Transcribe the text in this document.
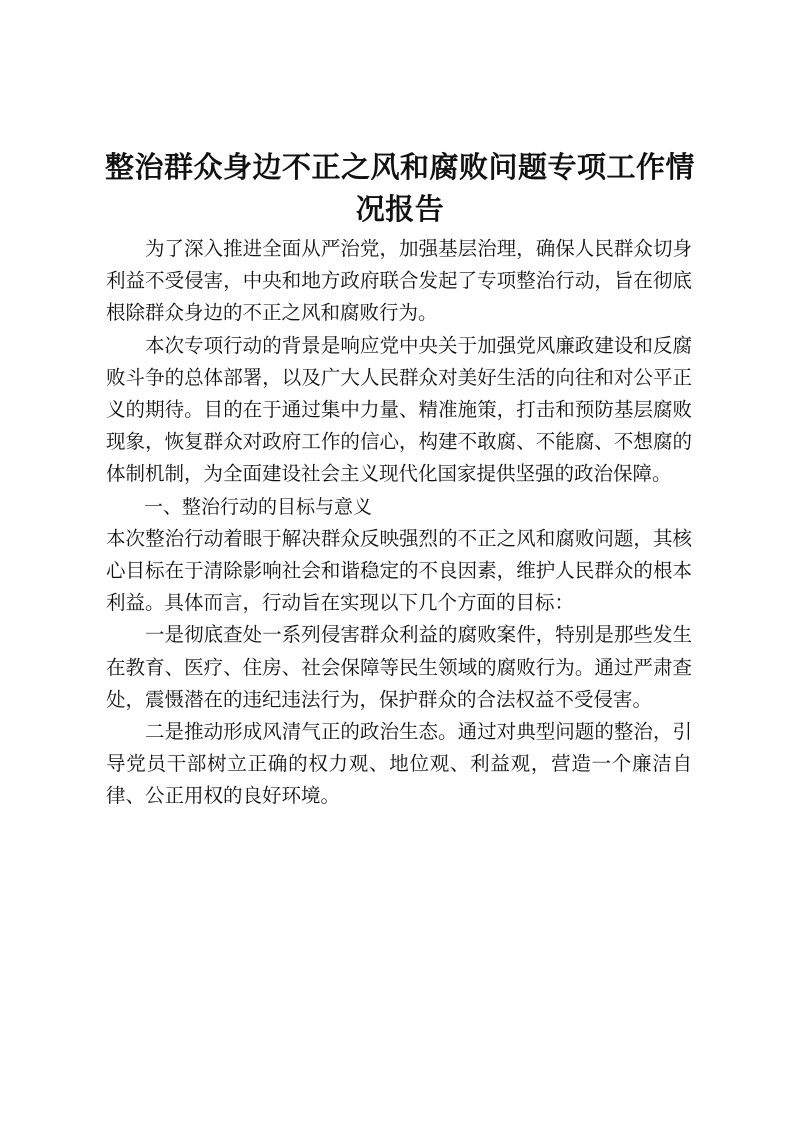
整治群众身边不正之风和腐败问题专项工作情况报告

为了深入推进全面从严治党，加强基层治理，确保人民群众切身利益不受侵害，中央和地方政府联合发起了专项整治行动，旨在彻底根除群众身边的不正之风和腐败行为。

本次专项行动的背景是响应党中央关于加强党风廉政建设和反腐败斗争的总体部署，以及广大人民群众对美好生活的向往和对公平正义的期待。目的在于通过集中力量、精准施策，打击和预防基层腐败现象，恢复群众对政府工作的信心，构建不敢腐、不能腐、不想腐的体制机制，为全面建设社会主义现代化国家提供坚强的政治保障。

一、整治行动的目标与意义

本次整治行动着眼于解决群众反映强烈的不正之风和腐败问题，其核心目标在于清除影响社会和谐稳定的不良因素，维护人民群众的根本利益。具体而言，行动旨在实现以下几个方面的目标：

一是彻底查处一系列侵害群众利益的腐败案件，特别是那些发生在教育、医疗、住房、社会保障等民生领域的腐败行为。通过严肃查处，震慑潜在的违纪违法行为，保护群众的合法权益不受侵害。

二是推动形成风清气正的政治生态。通过对典型问题的整治，引导党员干部树立正确的权力观、地位观、利益观，营造一个廉洁自律、公正用权的良好环境。
